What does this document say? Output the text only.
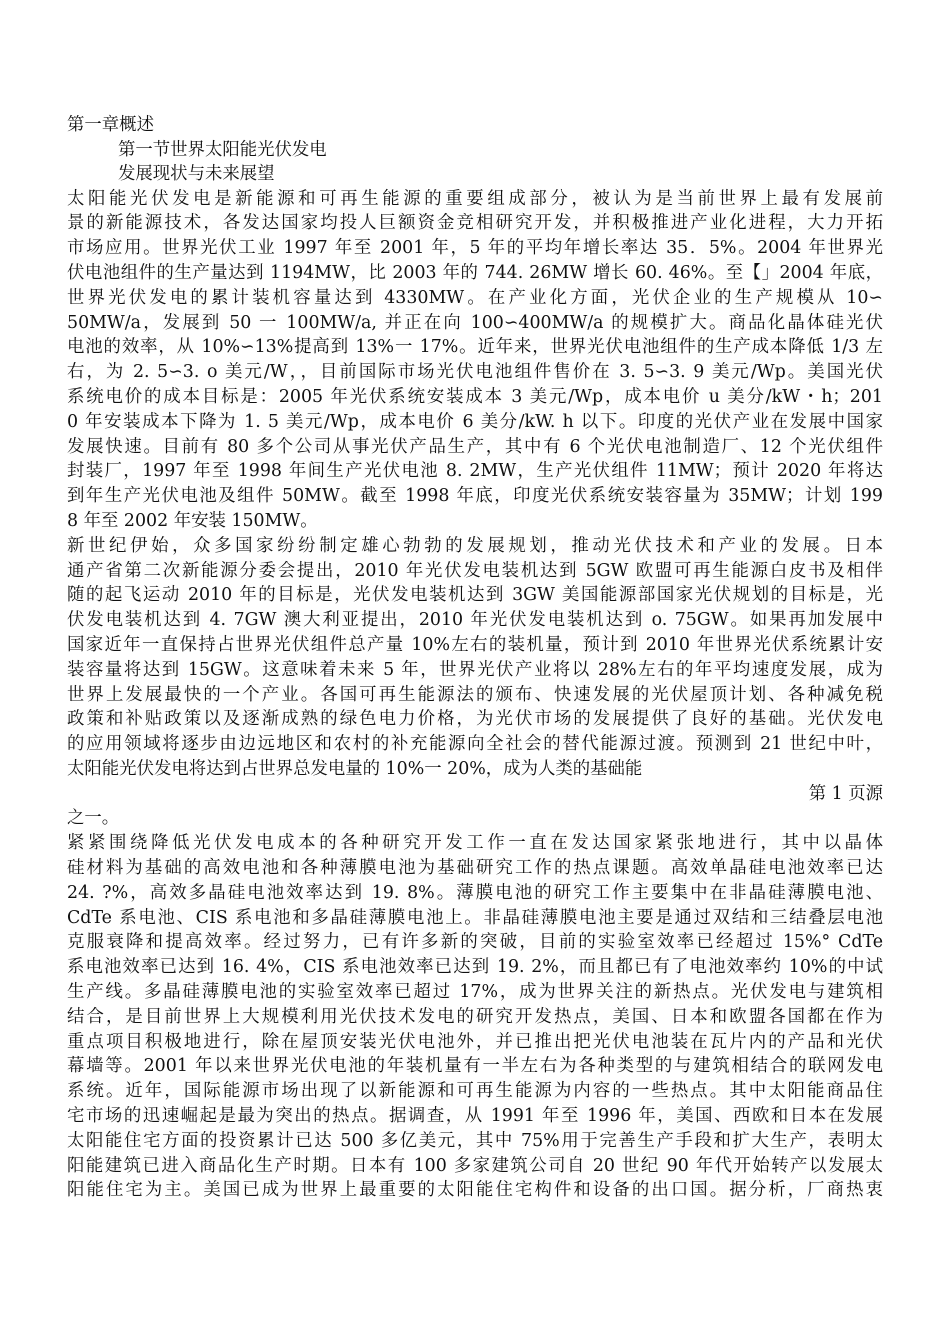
第一章概述
第一节世界太阳能光伏发电
发展现状与未来展望
太阳能光伏发电是新能源和可再生能源的重要组成部分，被认为是当前世界上最有发展前
景的新能源技术，各发达国家均投人巨额资金竞相研究开发，并积极推进产业化进程，大力开拓
市场应用。世界光伏工业 1997 年至 2001 年，5 年的平均年增长率达 35．5%。2004 年世界光
伏电池组件的生产量达到 1194MW，比 2003 年的 744. 26MW 增长 60. 46%。至【」2004 年底，
世界光伏发电的累计装机容量达到 4330MW。在产业化方面，光伏企业的生产规模从 10∽
50MW/a，发展到 50 一 100MW/a, 并正在向 100∽400MW/a 的规模扩大。商品化晶体硅光伏
电池的效率，从 10%∽13%提高到 13%一 17%。近年来，世界光伏电池组件的生产成本降低 1/3 左
右，为 2. 5∽3. o 美元/W，，目前国际市场光伏电池组件售价在 3. 5∽3. 9 美元/Wp。美国光伏
系统电价的成本目标是：2005 年光伏系统安装成本 3 美元/Wp，成本电价 u 美分/kW・h；201
0 年安装成本下降为 1. 5 美元/Wp，成本电价 6 美分/kW. h 以下。印度的光伏产业在发展中国家
发展快速。目前有 80 多个公司从事光伏产品生产，其中有 6 个光伏电池制造厂、12 个光伏组件
封装厂，1997 年至 1998 年间生产光伏电池 8. 2MW，生产光伏组件 11MW；预计 2020 年将达
到年生产光伏电池及组件 50MW。截至 1998 年底，印度光伏系统安装容量为 35MW；计划 199
8 年至 2002 年安装 150MW。
新世纪伊始，众多国家纷纷制定雄心勃勃的发展规划，推动光伏技术和产业的发展。日本
通产省第二次新能源分委会提出，2010 年光伏发电装机达到 5GW 欧盟可再生能源白皮书及相伴
随的起飞运动 2010 年的目标是，光伏发电装机达到 3GW 美国能源部国家光伏规划的目标是，光
伏发电装机达到 4. 7GW 澳大利亚提出，2010 年光伏发电装机达到 o. 75GW。如果再加发展中
国家近年一直保持占世界光伏组件总产量 10%左右的装机量，预计到 2010 年世界光伏系统累计安
装容量将达到 15GW。这意味着未来 5 年，世界光伏产业将以 28%左右的年平均速度发展，成为
世界上发展最快的一个产业。各国可再生能源法的颁布、快速发展的光伏屋顶计划、各种减免税
政策和补贴政策以及逐渐成熟的绿色电力价格，为光伏市场的发展提供了良好的基础。光伏发电
的应用领域将逐步由边远地区和农村的补充能源向全社会的替代能源过渡。预测到 21 世纪中叶，
太阳能光伏发电将达到占世界总发电量的 10%一 20%，成为人类的基础能
第 1 页源
之一。
紧紧围绕降低光伏发电成本的各种研究开发工作一直在发达国家紧张地进行，其中以晶体
硅材料为基础的高效电池和各种薄膜电池为基础研究工作的热点课题。高效单晶硅电池效率已达
24. ?%，高效多晶硅电池效率达到 19. 8%。薄膜电池的研究工作主要集中在非晶硅薄膜电池、
CdTe 系电池、CIS 系电池和多晶硅薄膜电池上。非晶硅薄膜电池主要是通过双结和三结叠层电池
克服衰降和提高效率。经过努力，已有许多新的突破，目前的实验室效率已经超过 15%° CdTe
系电池效率已达到 16. 4%，CIS 系电池效率已达到 19. 2%，而且都已有了电池效率约 10%的中试
生产线。多晶硅薄膜电池的实验室效率已超过 17%，成为世界关注的新热点。光伏发电与建筑相
结合，是目前世界上大规模利用光伏技术发电的研究开发热点，美国、日本和欧盟各国都在作为
重点项目积极地进行，除在屋顶安装光伏电池外，并已推出把光伏电池装在瓦片内的产品和光伏
幕墙等。2001 年以来世界光伏电池的年装机量有一半左右为各种类型的与建筑相结合的联网发电
系统。近年，国际能源市场出现了以新能源和可再生能源为内容的一些热点。其中太阳能商品住
宅市场的迅速崛起是最为突出的热点。据调查，从 1991 年至 1996 年，美国、西欧和日本在发展
太阳能住宅方面的投资累计已达 500 多亿美元，其中 75%用于完善生产手段和扩大生产，表明太
阳能建筑已进入商品化生产时期。日本有 100 多家建筑公司自 20 世纪 90 年代开始转产以发展太
阳能住宅为主。美国已成为世界上最重要的太阳能住宅构件和设备的出口国。据分析，厂商热衷
